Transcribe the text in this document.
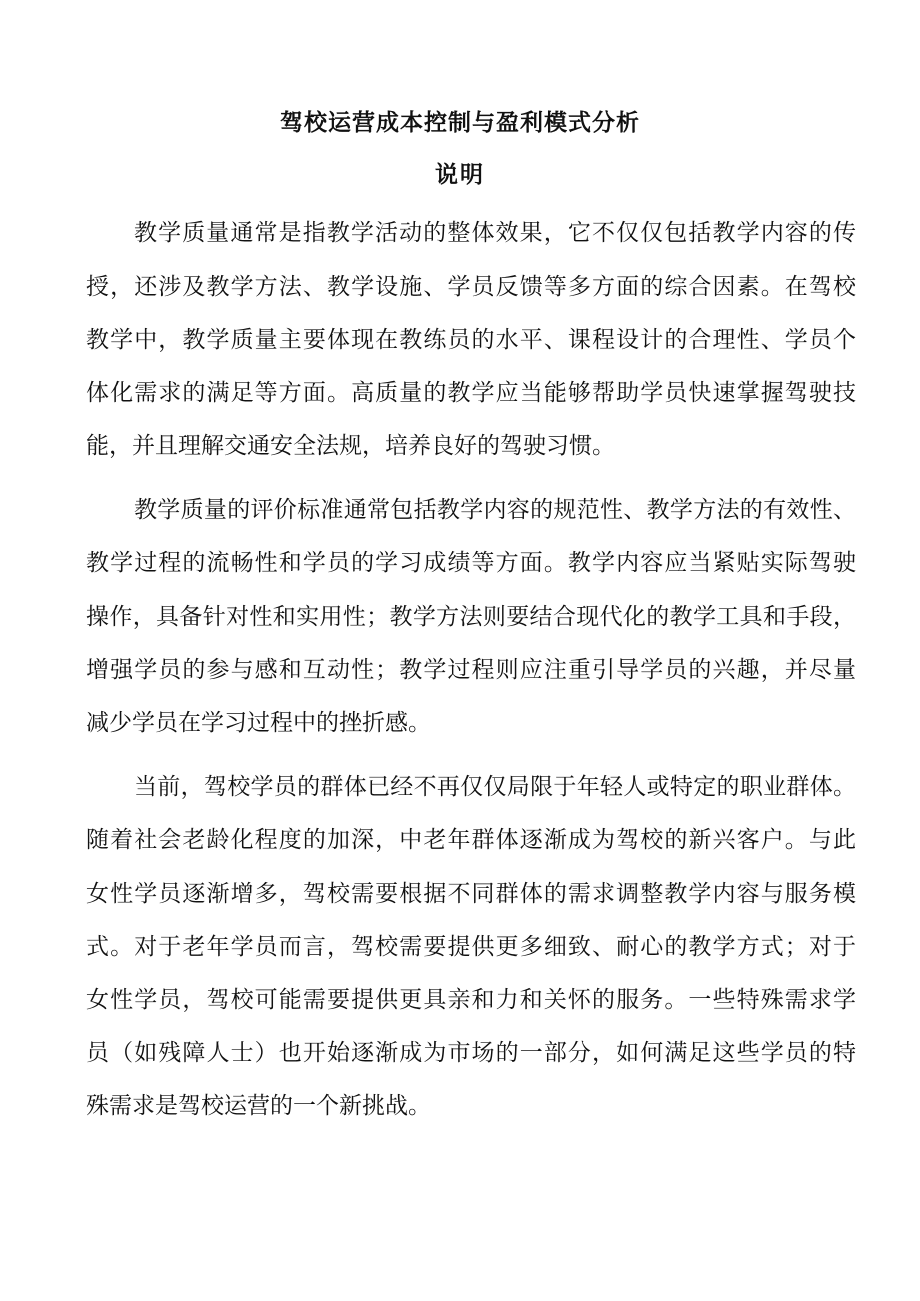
驾校运营成本控制与盈利模式分析
说明

教学质量通常是指教学活动的整体效果，它不仅仅包括教学内容的传

授，还涉及教学方法、教学设施、学员反馈等多方面的综合因素。在驾校

教学中，教学质量主要体现在教练员的水平、课程设计的合理性、学员个

体化需求的满足等方面。高质量的教学应当能够帮助学员快速掌握驾驶技

能，并且理解交通安全法规，培养良好的驾驶习惯。

教学质量的评价标准通常包括教学内容的规范性、教学方法的有效性、

教学过程的流畅性和学员的学习成绩等方面。教学内容应当紧贴实际驾驶

操作，具备针对性和实用性；教学方法则要结合现代化的教学工具和手段，

增强学员的参与感和互动性；教学过程则应注重引导学员的兴趣，并尽量

减少学员在学习过程中的挫折感。

当前，驾校学员的群体已经不再仅仅局限于年轻人或特定的职业群体。

随着社会老龄化程度的加深，中老年群体逐渐成为驾校的新兴客户。与此

女性学员逐渐增多，驾校需要根据不同群体的需求调整教学内容与服务模

式。对于老年学员而言，驾校需要提供更多细致、耐心的教学方式；对于

女性学员，驾校可能需要提供更具亲和力和关怀的服务。一些特殊需求学

员（如残障人士）也开始逐渐成为市场的一部分，如何满足这些学员的特

殊需求是驾校运营的一个新挑战。
